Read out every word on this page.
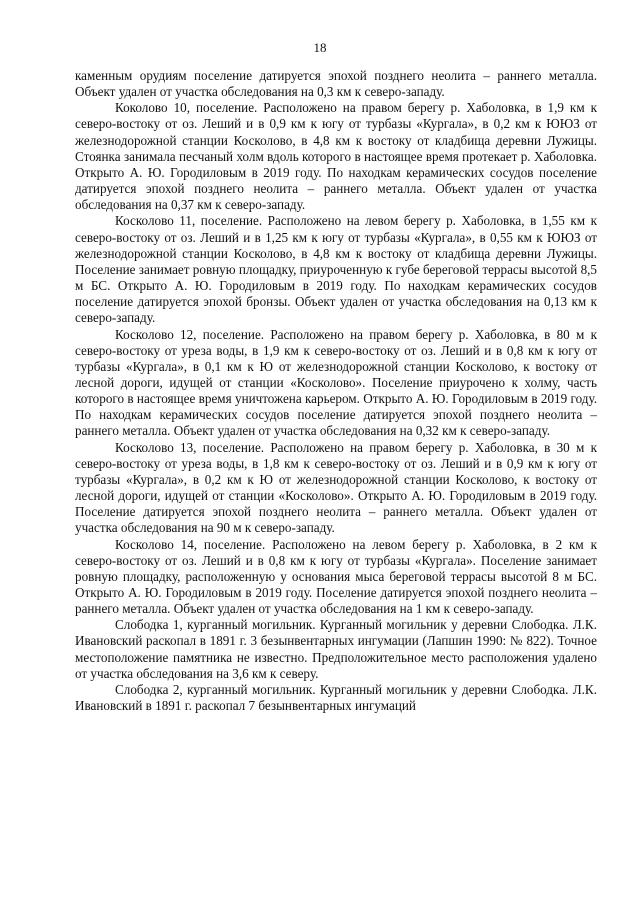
18

каменным орудиям поселение датируется эпохой позднего неолита – раннего металла. Объект удален от участка обследования на 0,3 км к северо-западу.

Коколово 10, поселение. Расположено на правом берегу р. Хаболовка, в 1,9 км к северо-востоку от оз. Леший и в 0,9 км к югу от турбазы «Кургала», в 0,2 км к ЮЮЗ от железнодорожной станции Косколово, в 4,8 км к востоку от кладбища деревни Лужицы. Стоянка занимала песчаный холм вдоль которого в настоящее время протекает р. Хаболовка. Открыто А. Ю. Городиловым в 2019 году. По находкам керамических сосудов поселение датируется эпохой позднего неолита – раннего металла. Объект удален от участка обследования на 0,37 км к северо-западу.

Косколово 11, поселение. Расположено на левом берегу р. Хаболовка, в 1,55 км к северо-востоку от оз. Леший и в 1,25 км к югу от турбазы «Кургала», в 0,55 км к ЮЮЗ от железнодорожной станции Косколово, в 4,8 км к востоку от кладбища деревни Лужицы. Поселение занимает ровную площадку, приуроченную к губе береговой террасы высотой 8,5 м БС. Открыто А. Ю. Городиловым в 2019 году. По находкам керамических сосудов поселение датируется эпохой бронзы. Объект удален от участка обследования на 0,13 км к северо-западу.

Косколово 12, поселение. Расположено на правом берегу р. Хаболовка, в 80 м к северо-востоку от уреза воды, в 1,9 км к северо-востоку от оз. Леший и в 0,8 км к югу от турбазы «Кургала», в 0,1 км к Ю от железнодорожной станции Косколово, к востоку от лесной дороги, идущей от станции «Косколово». Поселение приурочено к холму, часть которого в настоящее время уничтожена карьером. Открыто А. Ю. Городиловым в 2019 году. По находкам керамических сосудов поселение датируется эпохой позднего неолита – раннего металла. Объект удален от участка обследования на 0,32 км к северо-западу.

Косколово 13, поселение. Расположено на правом берегу р. Хаболовка, в 30 м к северо-востоку от уреза воды, в 1,8 км к северо-востоку от оз. Леший и в 0,9 км к югу от турбазы «Кургала», в 0,2 км к Ю от железнодорожной станции Косколово, к востоку от лесной дороги, идущей от станции «Косколово». Открыто А. Ю. Городиловым в 2019 году. Поселение датируется эпохой позднего неолита – раннего металла. Объект удален от участка обследования на 90 м к северо-западу.

Косколово 14, поселение. Расположено на левом берегу р. Хаболовка, в 2 км к северо-востоку от оз. Леший и в 0,8 км к югу от турбазы «Кургала». Поселение занимает ровную площадку, расположенную у основания мыса береговой террасы высотой 8 м БС. Открыто А. Ю. Городиловым в 2019 году. Поселение датируется эпохой позднего неолита – раннего металла. Объект удален от участка обследования на 1 км к северо-западу.

Слободка 1, курганный могильник. Курганный могильник у деревни Слободка. Л.К. Ивановский раскопал в 1891 г. 3 безынвентарных ингумации (Лапшин 1990: № 822). Точное местоположение памятника не известно. Предположительное место расположения удалено от участка обследования на 3,6 км к северу.

Слободка 2, курганный могильник. Курганный могильник у деревни Слободка. Л.К. Ивановский в 1891 г. раскопал 7 безынвентарных ингумаций
